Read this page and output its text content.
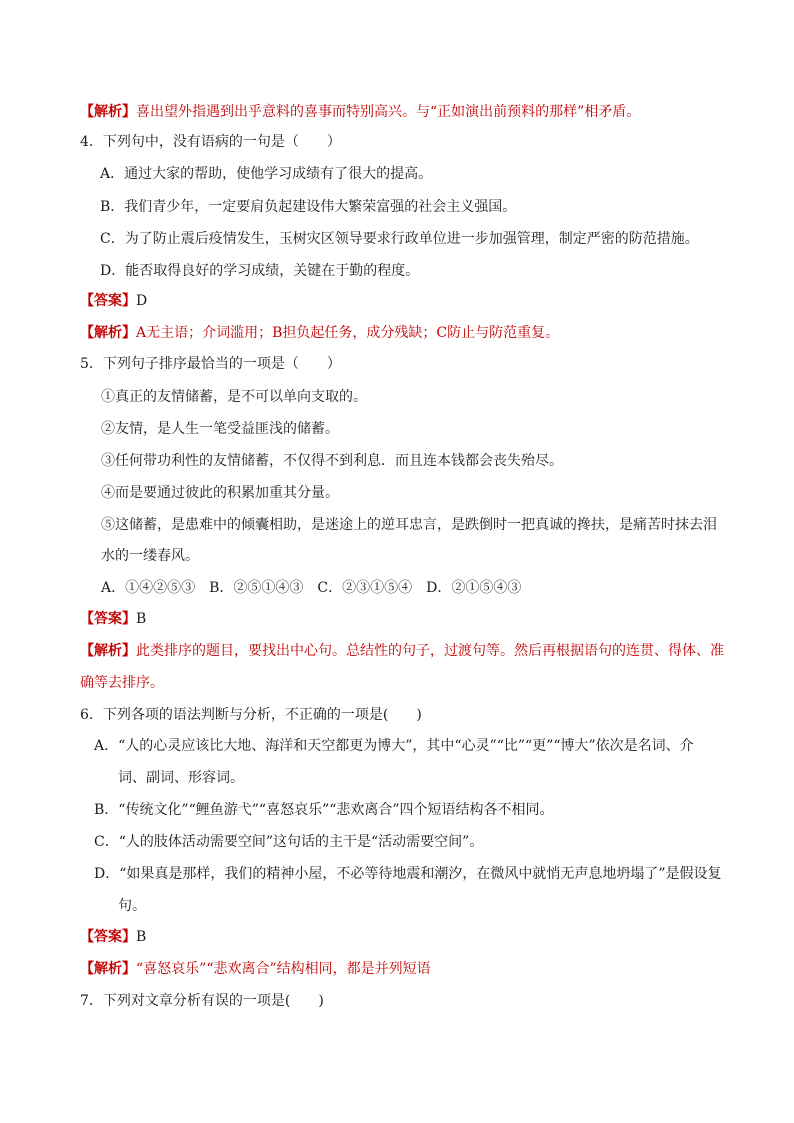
【解析】喜出望外指遇到出乎意料的喜事而特别高兴。与“正如演出前预料的那样”相矛盾。
4．下列句中，没有语病的一句是（　　）
A．通过大家的帮助，使他学习成绩有了很大的提高。
B．我们青少年，一定要肩负起建设伟大繁荣富强的社会主义强国。
C．为了防止震后疫情发生，玉树灾区领导要求行政单位进一步加强管理，制定严密的防范措施。
D．能否取得良好的学习成绩，关键在于勤的程度。
【答案】D
【解析】A无主语；介词滥用；B担负起任务，成分残缺；C防止与防范重复。
5．下列句子排序最恰当的一项是（　　）
①真正的友情储蓄，是不可以单向支取的。
②友情，是人生一笔受益匪浅的储蓄。
③任何带功利性的友情储蓄，不仅得不到利息．而且连本钱都会丧失殆尽。
④而是要通过彼此的积累加重其分量。
⑤这储蓄，是患难中的倾囊相助，是迷途上的逆耳忠言，是跌倒时一把真诚的搀扶，是痛苦时抹去泪
水的一缕春风。
A．①④②⑤③　B．②⑤①④③　C．②③①⑤④　D．②①⑤④③
【答案】B
【解析】此类排序的题目，要找出中心句。总结性的句子，过渡句等。然后再根据语句的连贯、得体、准
确等去排序。
6．下列各项的语法判断与分析，不正确的一项是(　　)
A．“人的心灵应该比大地、海洋和天空都更为博大”，其中“心灵”“比”“更”“博大”依次是名词、介
词、副词、形容词。
B．“传统文化”“鲤鱼游弋”“喜怒哀乐”“悲欢离合”四个短语结构各不相同。
C．“人的肢体活动需要空间”这句话的主干是“活动需要空间”。
D．“如果真是那样，我们的精神小屋，不必等待地震和潮汐，在微风中就悄无声息地坍塌了”是假设复
句。
【答案】B
【解析】“喜怒哀乐”“悲欢离合”结构相同，都是并列短语
7．下列对文章分析有误的一项是(　　)
